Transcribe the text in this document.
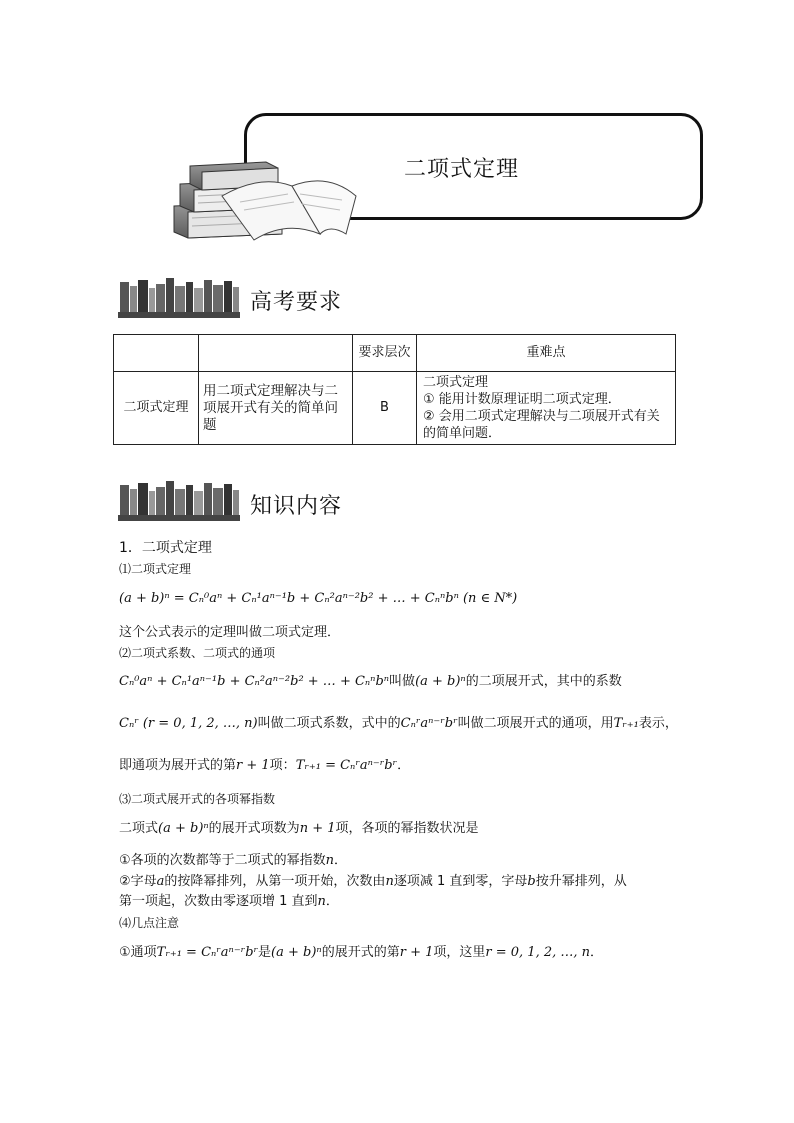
二项式定理
高考要求
		要求层次	重难点
二项式定理	用二项式定理解决与二项展开式有关的简单问题	B	二项式定理
① 能用计数原理证明二项式定理．
② 会用二项式定理解决与二项展开式有关的简单问题．
知识内容
1．二项式定理
⑴二项式定理
(a + b)ⁿ = Cₙ⁰aⁿ + Cₙ¹aⁿ⁻¹b + Cₙ²aⁿ⁻²b² + … + Cₙⁿbⁿ (n ∈ N*)
这个公式表示的定理叫做二项式定理．
⑵二项式系数、二项式的通项
Cₙ⁰aⁿ + Cₙ¹aⁿ⁻¹b + Cₙ²aⁿ⁻²b² + … + Cₙⁿbⁿ叫做(a + b)ⁿ的二项展开式，其中的系数
Cₙʳ (r = 0, 1, 2, …, n)叫做二项式系数，式中的Cₙʳaⁿ⁻ʳbʳ叫做二项展开式的通项，用Tᵣ₊₁表示，
即通项为展开式的第r + 1项：Tᵣ₊₁ = Cₙʳaⁿ⁻ʳbʳ．
⑶二项式展开式的各项幂指数
二项式(a + b)ⁿ的展开式项数为n + 1项，各项的幂指数状况是
①各项的次数都等于二项式的幂指数n．
②字母a的按降幂排列，从第一项开始，次数由n逐项减 1 直到零，字母b按升幂排列，从
第一项起，次数由零逐项增 1 直到n．
⑷几点注意
①通项Tᵣ₊₁ = Cₙʳaⁿ⁻ʳbʳ是(a + b)ⁿ的展开式的第r + 1项，这里r = 0, 1, 2, …, n．
